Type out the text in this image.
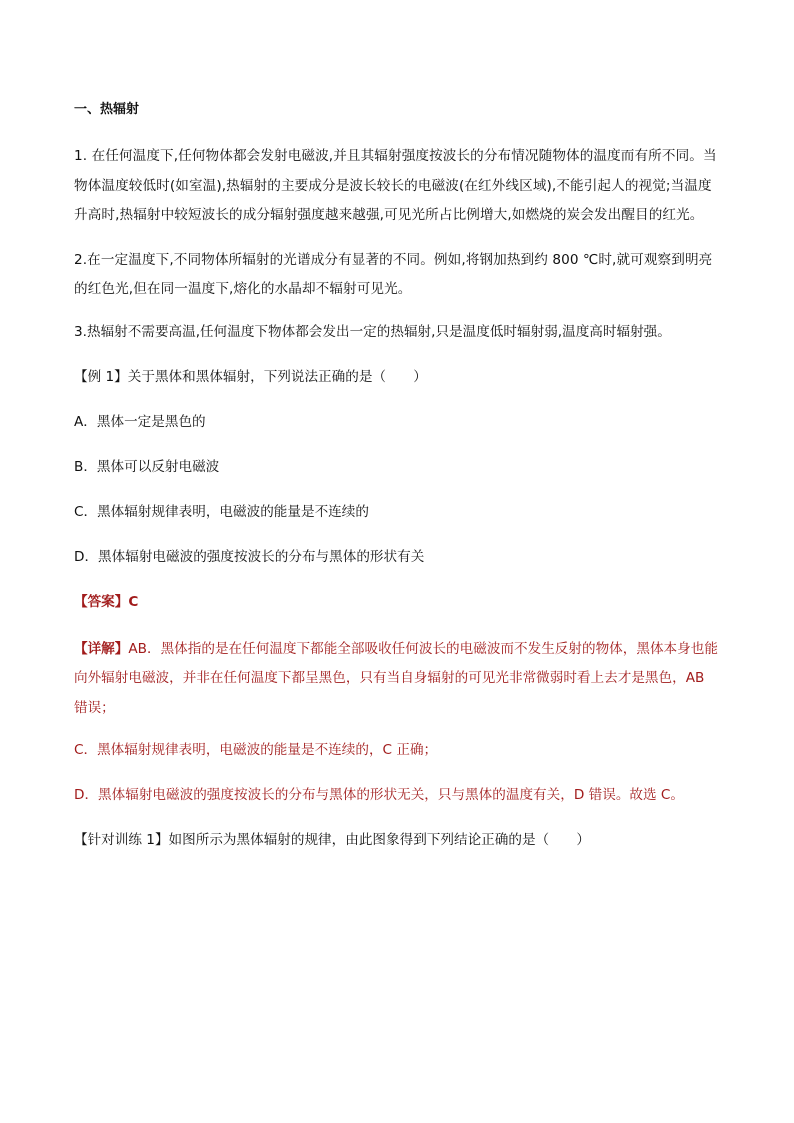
一、热辐射
1. 在任何温度下,任何物体都会发射电磁波,并且其辐射强度按波长的分布情况随物体的温度而有所不同。当物体温度较低时(如室温),热辐射的主要成分是波长较长的电磁波(在红外线区域),不能引起人的视觉;当温度升高时,热辐射中较短波长的成分辐射强度越来越强,可见光所占比例增大,如燃烧的炭会发出醒目的红光。
2.在一定温度下,不同物体所辐射的光谱成分有显著的不同。例如,将钢加热到约 800 ℃时,就可观察到明亮的红色光,但在同一温度下,熔化的水晶却不辐射可见光。
3.热辐射不需要高温,任何温度下物体都会发出一定的热辐射,只是温度低时辐射弱,温度高时辐射强。
【例 1】关于黑体和黑体辐射，下列说法正确的是（　　）
A．黑体一定是黑色的
B．黑体可以反射电磁波
C．黑体辐射规律表明，电磁波的能量是不连续的
D．黑体辐射电磁波的强度按波长的分布与黑体的形状有关
【答案】C
【详解】AB．黑体指的是在任何温度下都能全部吸收任何波长的电磁波而不发生反射的物体，黑体本身也能向外辐射电磁波，并非在任何温度下都呈黑色，只有当自身辐射的可见光非常微弱时看上去才是黑色，AB 错误；
C．黑体辐射规律表明，电磁波的能量是不连续的，C 正确；
D．黑体辐射电磁波的强度按波长的分布与黑体的形状无关，只与黑体的温度有关，D 错误。故选 C。
【针对训练 1】如图所示为黑体辐射的规律，由此图象得到下列结论正确的是（　　）
